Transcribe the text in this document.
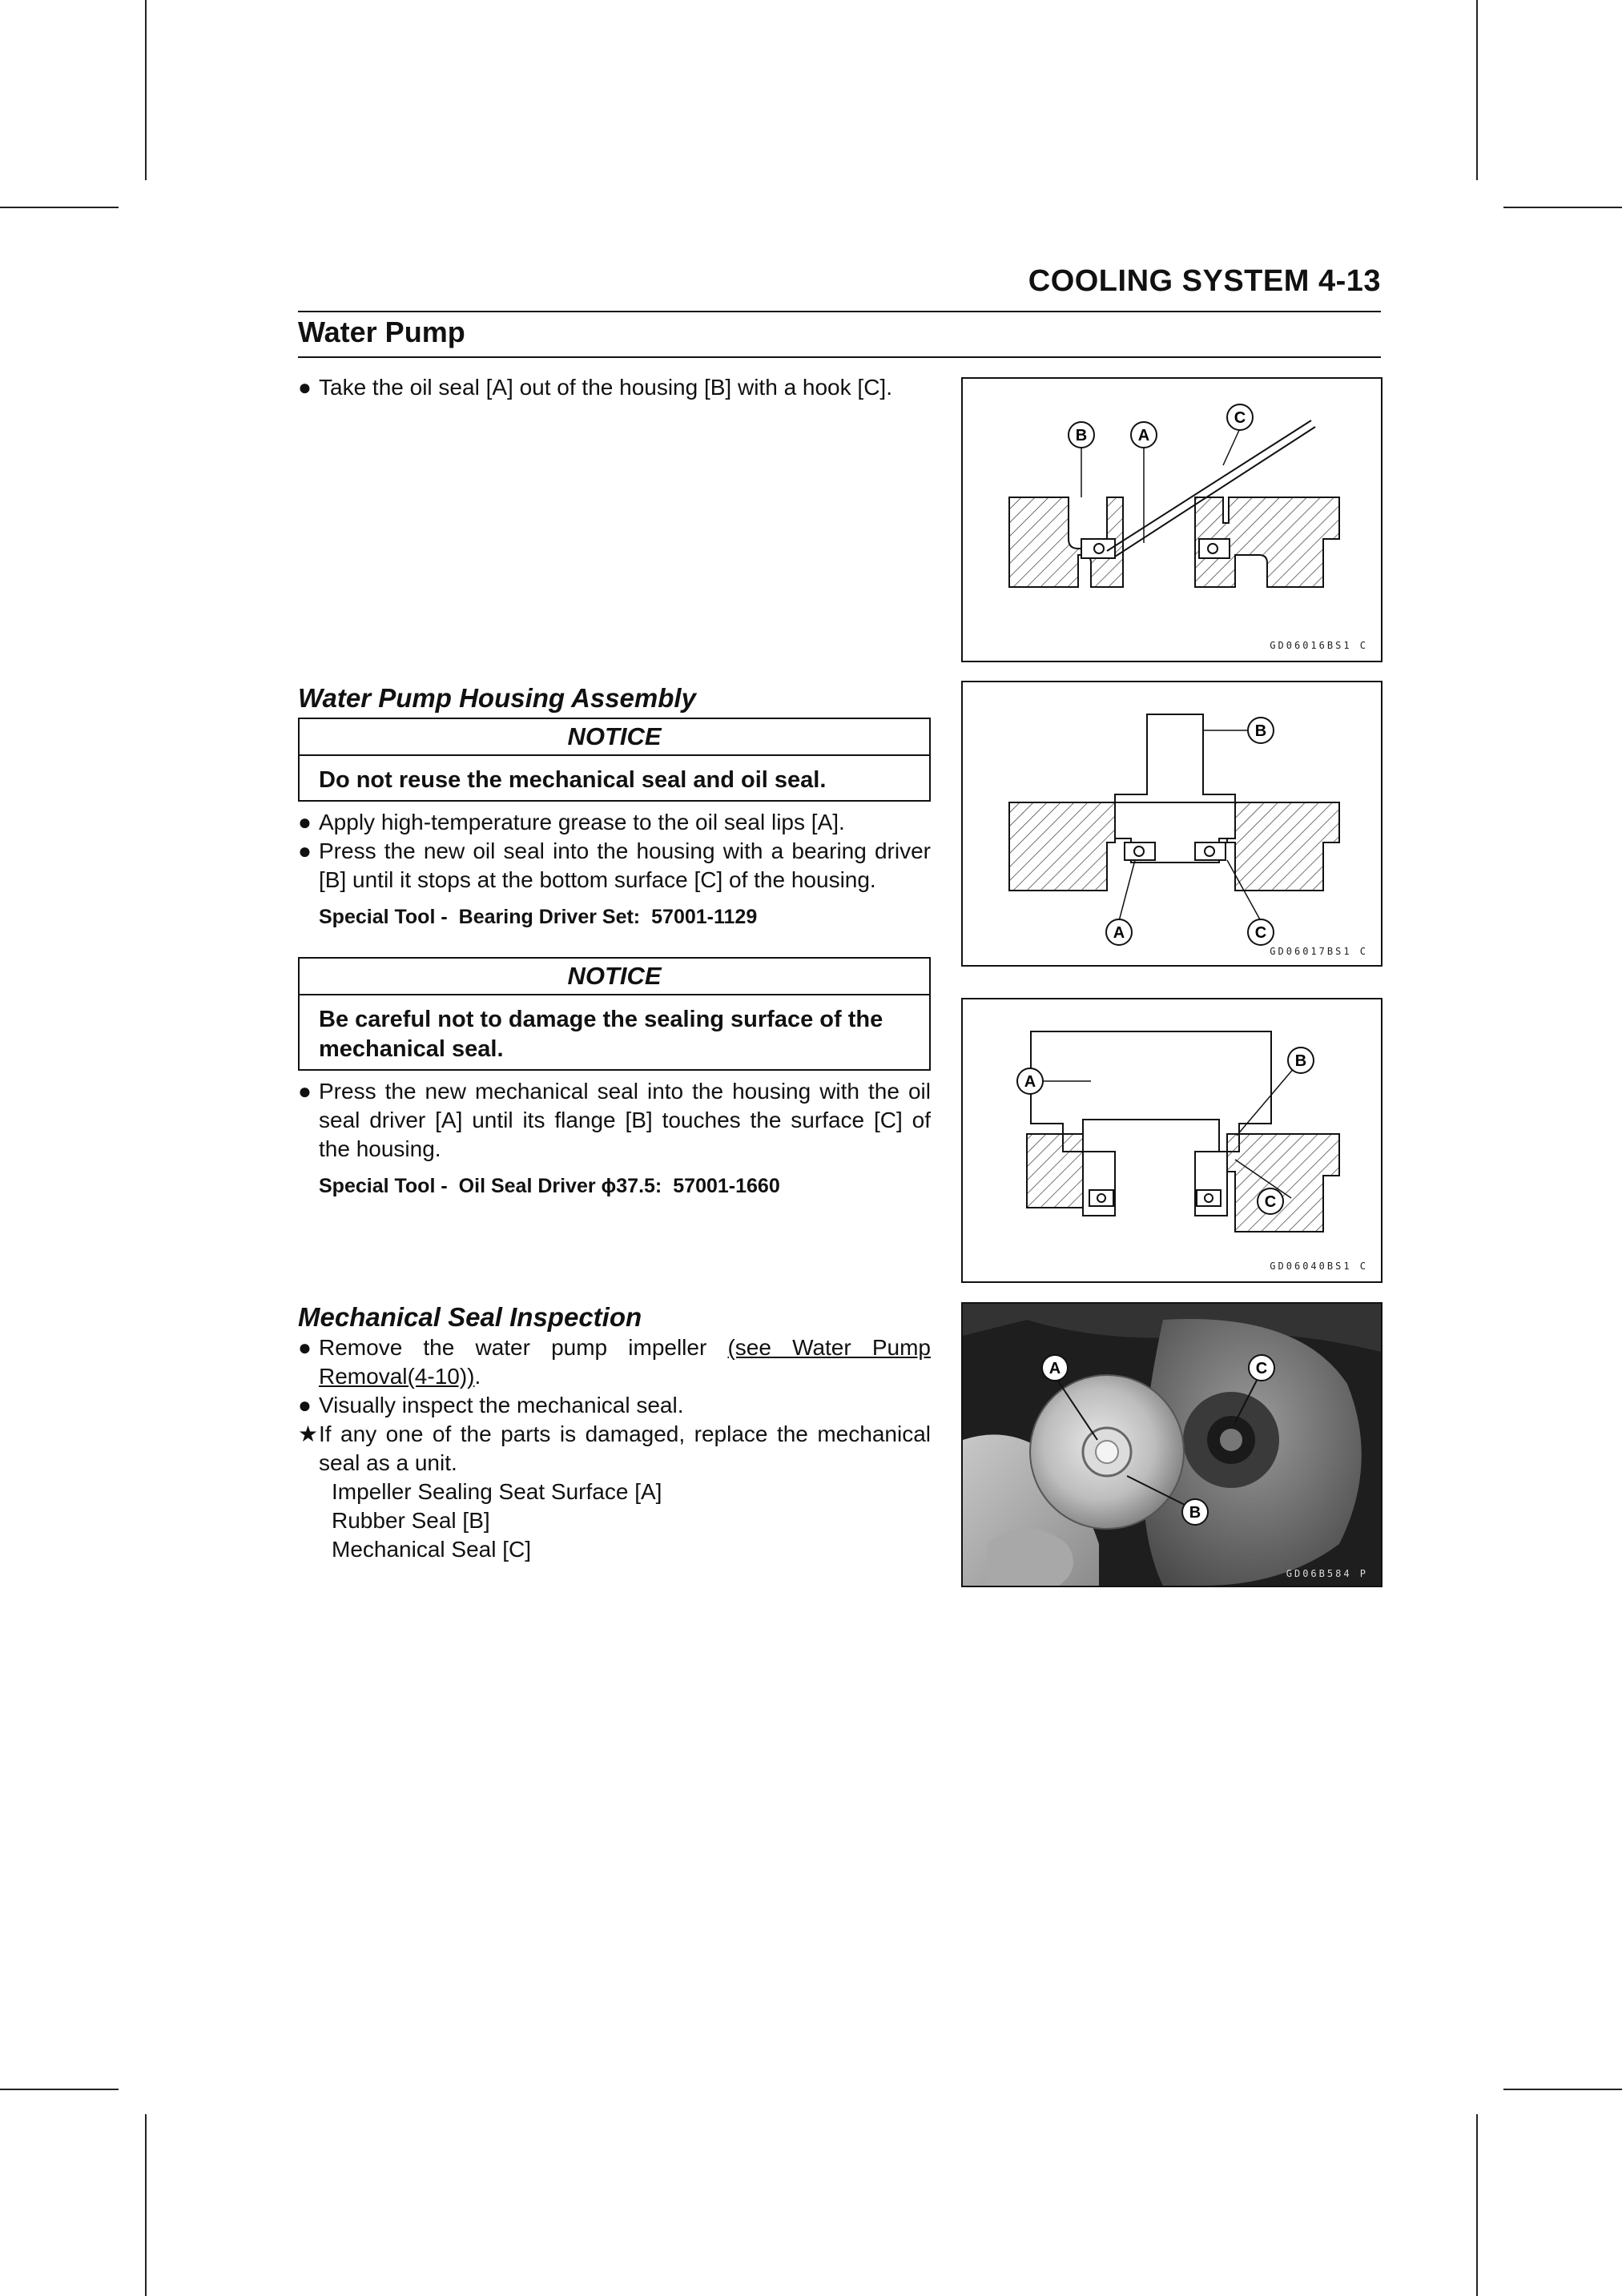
COOLING SYSTEM 4-13
Water Pump
● Take the oil seal [A] out of the housing [B] with a hook [C].
Water Pump Housing Assembly
NOTICE
Do not reuse the mechanical seal and oil seal.
● Apply high-temperature grease to the oil seal lips [A].
● Press the new oil seal into the housing with a bearing driver [B] until it stops at the bottom surface [C] of the housing.
Special Tool - Bearing Driver Set: 57001-1129
NOTICE
Be careful not to damage the sealing surface of the mechanical seal.
● Press the new mechanical seal into the housing with the oil seal driver [A] until its flange [B] touches the surface [C] of the housing.
Special Tool - Oil Seal Driver ϕ37.5: 57001-1660
Mechanical Seal Inspection
● Remove the water pump impeller (see Water Pump Removal(4-10)).
● Visually inspect the mechanical seal.
★ If any one of the parts is damaged, replace the mechanical seal as a unit.
Impeller Sealing Seat Surface [A]
Rubber Seal [B]
Mechanical Seal [C]
B	A
C
GD06016BS1 C
B
A	C
GD06017BS1 C
A
B
C
GD06040BS1 C
A	C
B
GD06B584 P
